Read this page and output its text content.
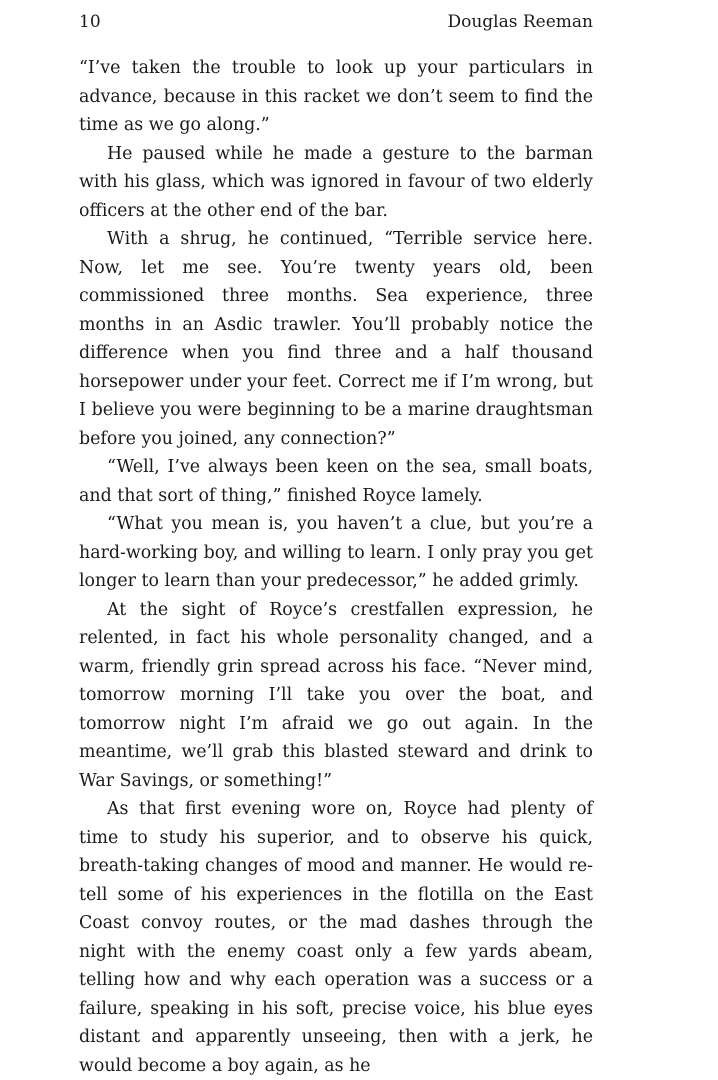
10	Douglas Reeman

“I’ve taken the trouble to look up your particulars in advance, because in this racket we don’t seem to find the time as we go along.”

He paused while he made a gesture to the barman with his glass, which was ignored in favour of two elderly officers at the other end of the bar.

With a shrug, he continued, “Terrible service here. Now, let me see. You’re twenty years old, been commissioned three months. Sea experience, three months in an Asdic trawler. You’ll probably notice the difference when you find three and a half thousand horsepower under your feet. Correct me if I’m wrong, but I believe you were beginning to be a marine draughtsman before you joined, any connection?”

“Well, I’ve always been keen on the sea, small boats, and that sort of thing,” finished Royce lamely.

“What you mean is, you haven’t a clue, but you’re a hard-working boy, and willing to learn. I only pray you get longer to learn than your predecessor,” he added grimly.

At the sight of Royce’s crestfallen expression, he relented, in fact his whole personality changed, and a warm, friendly grin spread across his face. “Never mind, tomorrow morning I’ll take you over the boat, and tomorrow night I’m afraid we go out again. In the meantime, we’ll grab this blasted steward and drink to War Savings, or something!”

As that first evening wore on, Royce had plenty of time to study his superior, and to observe his quick, breath-taking changes of mood and manner. He would re-tell some of his experiences in the flotilla on the East Coast convoy routes, or the mad dashes through the night with the enemy coast only a few yards abeam, telling how and why each operation was a success or a failure, speaking in his soft, precise voice, his blue eyes distant and apparently unseeing, then with a jerk, he would become a boy again, as he
